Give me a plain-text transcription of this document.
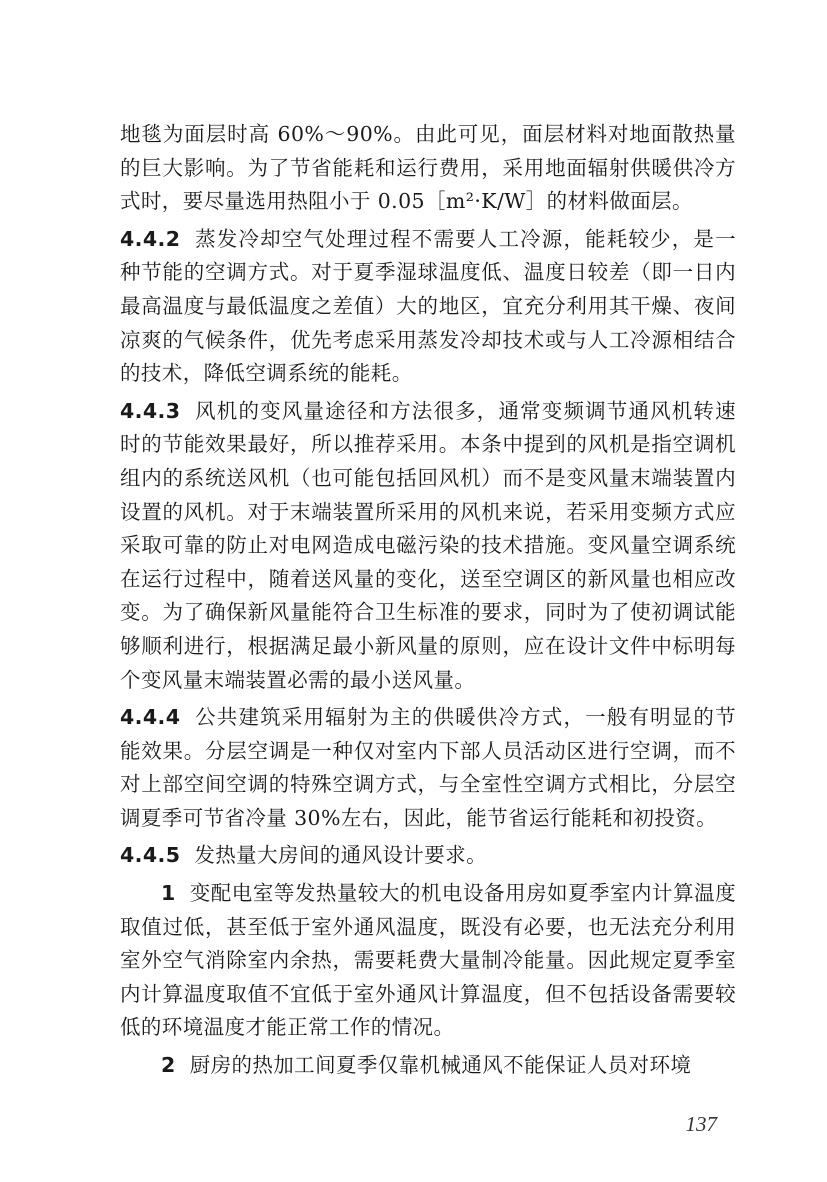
地毯为面层时高 60%～90%。由此可见，面层材料对地面散热量的巨大影响。为了节省能耗和运行费用，采用地面辐射供暖供冷方式时，要尽量选用热阻小于 0.05［m²·K/W］的材料做面层。

4.4.2 蒸发冷却空气处理过程不需要人工冷源，能耗较少，是一种节能的空调方式。对于夏季湿球温度低、温度日较差（即一日内最高温度与最低温度之差值）大的地区，宜充分利用其干燥、夜间凉爽的气候条件，优先考虑采用蒸发冷却技术或与人工冷源相结合的技术，降低空调系统的能耗。

4.4.3 风机的变风量途径和方法很多，通常变频调节通风机转速时的节能效果最好，所以推荐采用。本条中提到的风机是指空调机组内的系统送风机（也可能包括回风机）而不是变风量末端装置内设置的风机。对于末端装置所采用的风机来说，若采用变频方式应采取可靠的防止对电网造成电磁污染的技术措施。变风量空调系统在运行过程中，随着送风量的变化，送至空调区的新风量也相应改变。为了确保新风量能符合卫生标准的要求，同时为了使初调试能够顺利进行，根据满足最小新风量的原则，应在设计文件中标明每个变风量末端装置必需的最小送风量。

4.4.4 公共建筑采用辐射为主的供暖供冷方式，一般有明显的节能效果。分层空调是一种仅对室内下部人员活动区进行空调，而不对上部空间空调的特殊空调方式，与全室性空调方式相比，分层空调夏季可节省冷量 30%左右，因此，能节省运行能耗和初投资。

4.4.5 发热量大房间的通风设计要求。

1 变配电室等发热量较大的机电设备用房如夏季室内计算温度取值过低，甚至低于室外通风温度，既没有必要，也无法充分利用室外空气消除室内余热，需要耗费大量制冷能量。因此规定夏季室内计算温度取值不宜低于室外通风计算温度，但不包括设备需要较低的环境温度才能正常工作的情况。

2 厨房的热加工间夏季仅靠机械通风不能保证人员对环境

137
